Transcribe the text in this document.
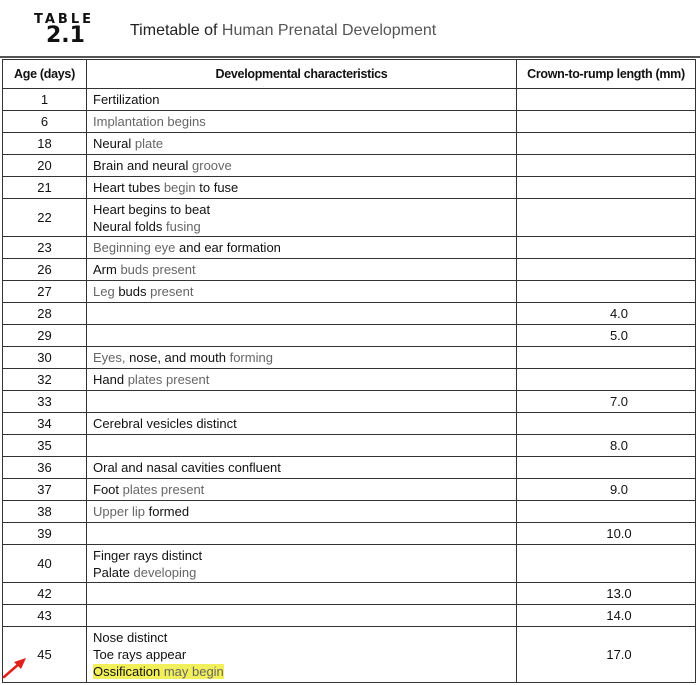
TABLE
2.1	Timetable of Human Prenatal Development
Age (days)	Developmental characteristics	Crown-to-rump length (mm)
1	Fertilization	

6	Implantation begins	

18	Neural plate	

20	Brain and neural groove	

21	Heart tubes begin to fuse	

22	Heart begins to beat
Neural folds fusing	

23	Beginning eye and ear formation	

26	Arm buds present	

27	Leg buds present	

28		4.0
29		5.0
30	Eyes, nose, and mouth forming	

32	Hand plates present	

33		7.0
34	Cerebral vesicles distinct	

35		8.0
36	Oral and nasal cavities confluent	

37	Foot plates present	9.0
38	Upper lip formed	

39		10.0
40	Finger rays distinct
Palate developing	

42		13.0
43		14.0
45	Nose distinct
Toe rays appear
Ossification may begin	17.0
